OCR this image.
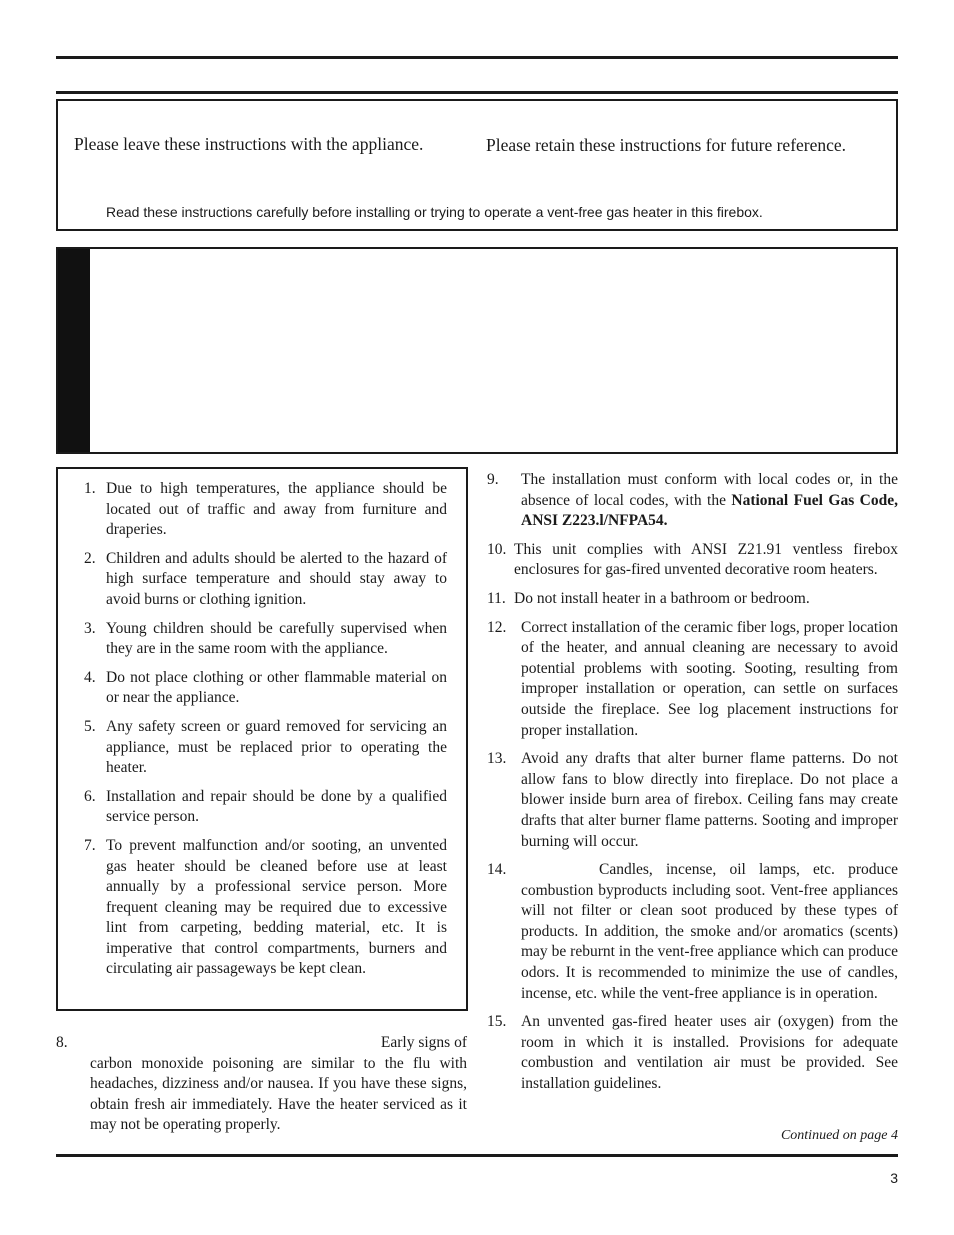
Please leave these instructions with the appliance.	Please retain these instructions for future reference.
Read these instructions carefully before installing or trying to operate a vent-free gas heater in this firebox.
1. Due to high temperatures, the appliance should be located out of traffic and away from furniture and draperies.
2. Children and adults should be alerted to the hazard of high surface temperature and should stay away to avoid burns or clothing ignition.
3. Young children should be carefully supervised when they are in the same room with the appliance.
4. Do not place clothing or other flammable material on or near the appliance.
5. Any safety screen or guard removed for servicing an appliance, must be replaced prior to operating the heater.
6. Installation and repair should be done by a qualified service person.
7. To prevent malfunction and/or sooting, an unvented gas heater should be cleaned before use at least annually by a professional service person. More frequent cleaning may be required due to excessive lint from carpeting, bedding material, etc. It is imperative that control compartments, burners and circulating air passageways be kept clean.
8.	Early signs of
carbon monoxide poisoning are similar to the flu with headaches, dizziness and/or nausea. If you have these signs, obtain fresh air immediately. Have the heater serviced as it may not be operating properly.
9. The installation must conform with local codes or, in the absence of local codes, with the National Fuel Gas Code, ANSI Z223.l/NFPA54.
10. This unit complies with ANSI Z21.91 ventless firebox enclosures for gas-fired unvented decorative room heaters.
11. Do not install heater in a bathroom or bedroom.
12. Correct installation of the ceramic fiber logs, proper location of the heater, and annual cleaning are necessary to avoid potential problems with sooting. Sooting, resulting from improper installation or operation, can settle on surfaces outside the fireplace. See log placement instructions for proper installation.
13. Avoid any drafts that alter burner flame patterns. Do not allow fans to blow directly into fireplace. Do not place a blower inside burn area of firebox. Ceiling fans may create drafts that alter burner flame patterns. Sooting and improper burning will occur.
14.	Candles, incense, oil lamps, etc. produce combustion byproducts including soot. Vent-free appliances will not filter or clean soot produced by these types of products. In addition, the smoke and/or aromatics (scents) may be reburnt in the vent-free appliance which can produce odors. It is recommended to minimize the use of candles, incense, etc. while the vent-free appliance is in operation.
15. An unvented gas-fired heater uses air (oxygen) from the room in which it is installed. Provisions for adequate combustion and ventilation air must be provided. See installation guidelines.
Continued on page 4
3
